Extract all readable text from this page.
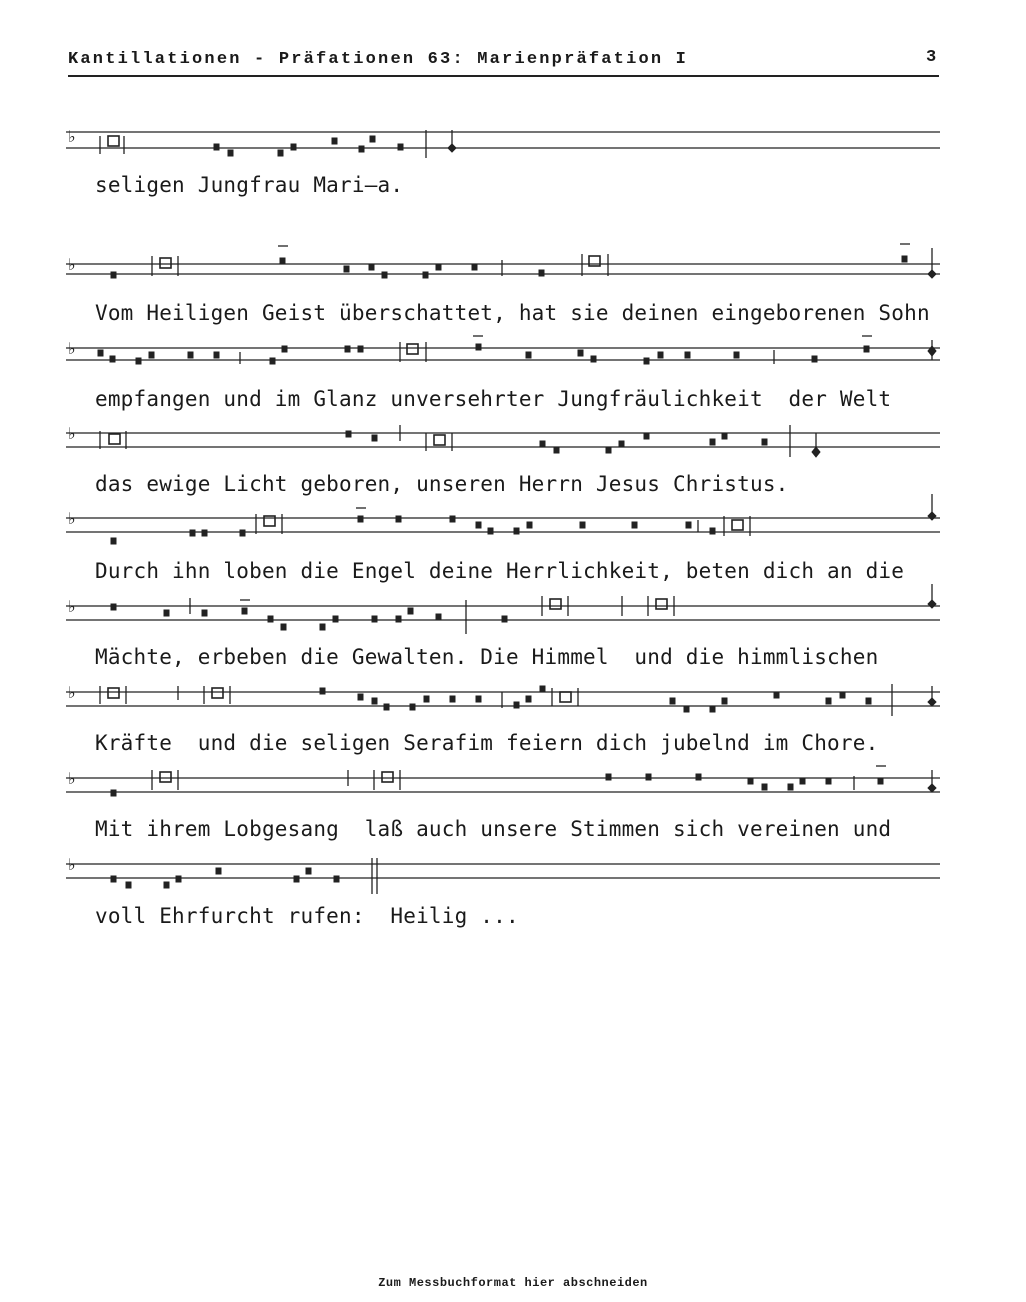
Kantillationen - Präfationen 63: Marienpräfation I	3
♭
seligen Jungfrau Mari—a.
♭
Vom Heiligen Geist überschattet, hat sie deinen eingeborenen Sohn
♭
empfangen und im Glanz unversehrter Jungfräulichkeit  der Welt
♭
das ewige Licht geboren, unseren Herrn Jesus Christus.
♭
Durch ihn loben die Engel deine Herrlichkeit, beten dich an die
♭
Mächte, erbeben die Gewalten. Die Himmel  und die himmlischen
♭
Kräfte  und die seligen Serafim feiern dich jubelnd im Chore.
♭
Mit ihrem Lobgesang  laß auch unsere Stimmen sich vereinen und
♭
voll Ehrfurcht rufen:  Heilig ...
Zum Messbuchformat hier abschneiden
